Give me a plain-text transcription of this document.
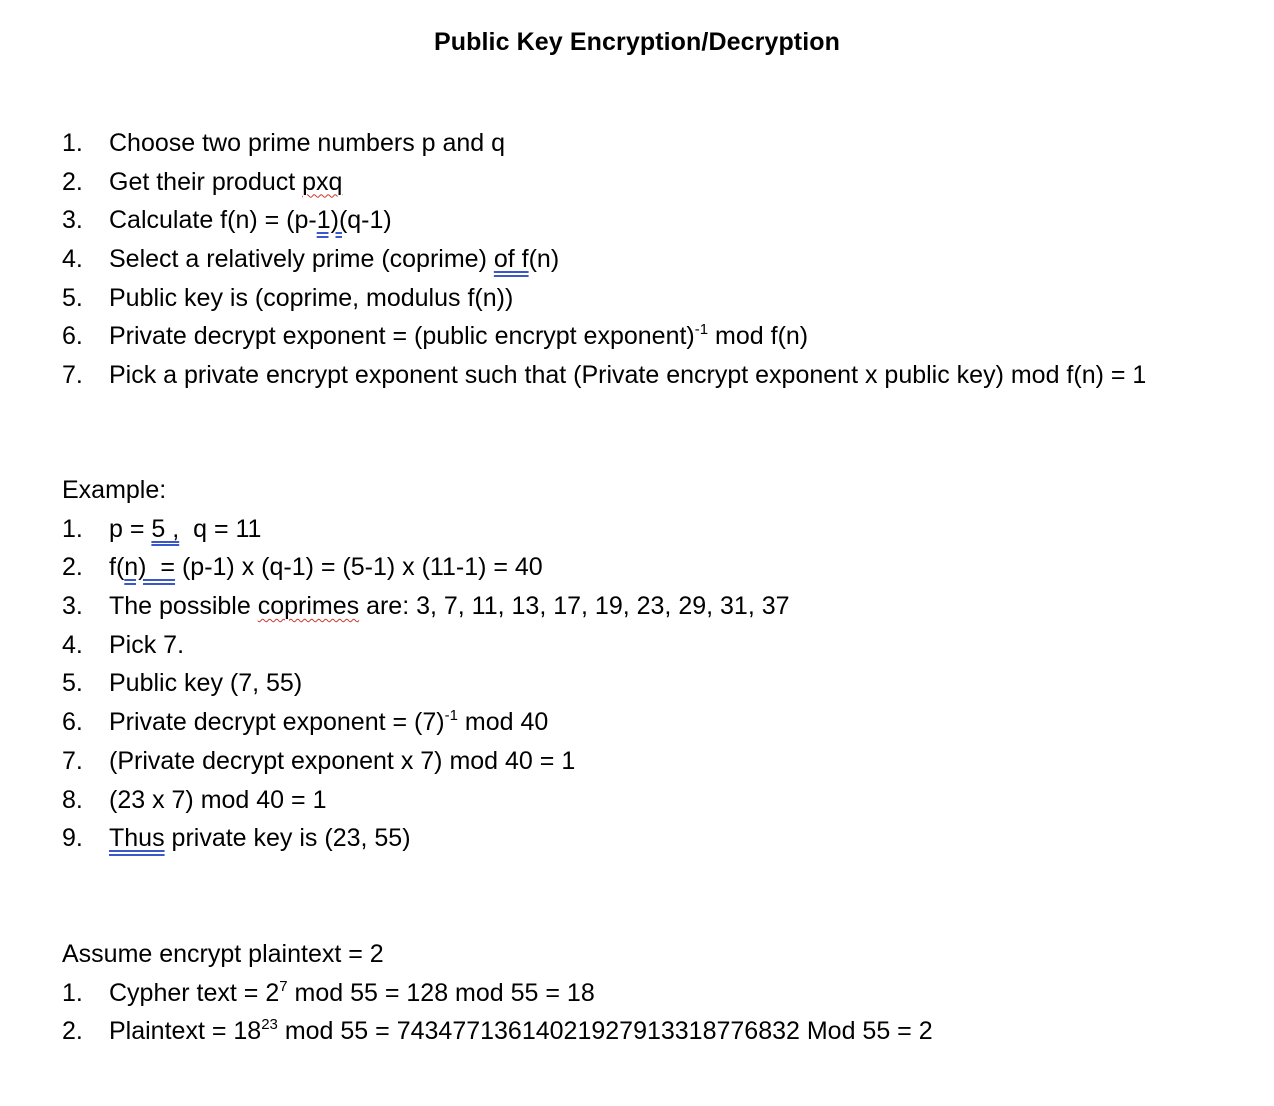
Public Key Encryption/Decryption
1.	Choose two prime numbers p and q
2.	Get their product pxq
3.	Calculate f(n) = (p-1)(q-1)
4.	Select a relatively prime (coprime) of f(n)
5.	Public key is (coprime, modulus f(n))
6.	Private decrypt exponent = (public encrypt exponent)$^{-1}$ mod f(n)
7.	Pick a private encrypt exponent such that (Private encrypt exponent x public key) mod f(n) = 1
Example:
1.	p = 5 ,  q = 11
2.	f(n)  = (p-1) x (q-1) = (5-1) x (11-1) = 40
3.	The possible coprimes are: 3, 7, 11, 13, 17, 19, 23, 29, 31, 37
4.	Pick 7.
5.	Public key (7, 55)
6.	Private decrypt exponent = $(7)^{-1}$ mod 40
7.	(Private decrypt exponent x 7) mod 40 = 1
8.	(23 x 7) mod 40 = 1
9.	Thus private key is (23, 55)
Assume encrypt plaintext = 2
1.	Cypher text = $2^7$ mod 55 = 128 mod 55 = 18
2.	Plaintext = $18^{23}$ mod 55 = 74347713614021927913318776832 Mod 55 = 2
